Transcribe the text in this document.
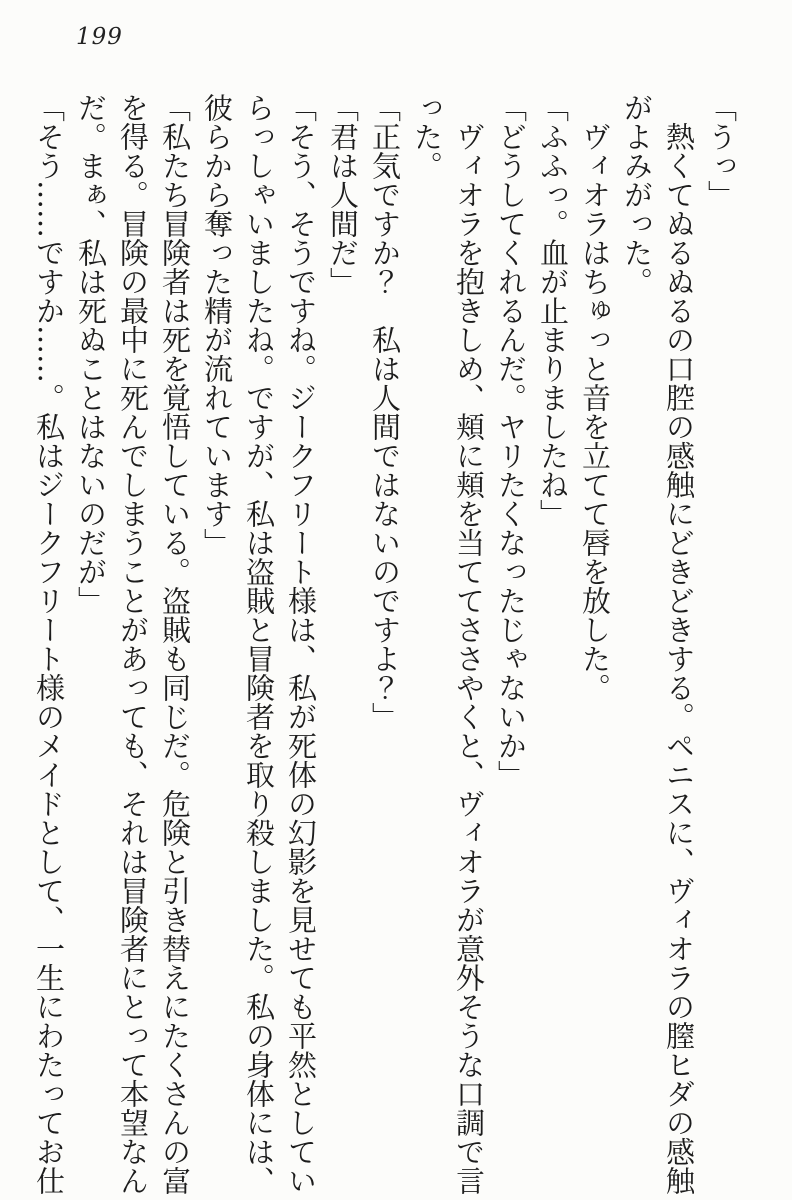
199

「うっ」

　熱くてぬるぬるの口腔の感触にどきどきする。ペニスに、ヴィオラの膣ヒダの感触

がよみがった。

　ヴィオラはちゅっと音を立てて唇を放した。

「ふふっ。血が止まりましたね」

「どうしてくれるんだ。ヤリたくなったじゃないか」

　ヴィオラを抱きしめ、頬に頬を当ててささやくと、ヴィオラが意外そうな口調で言

った。

「正気ですか？　私は人間ではないのですよ？」

「君は人間だ」

「そう、そうですね。ジークフリート様は、私が死体の幻影を見せても平然としてい

らっしゃいましたね。ですが、私は盗賊と冒険者を取り殺しました。私の身体には、

彼らから奪った精が流れています」

「私たち冒険者は死を覚悟している。盗賊も同じだ。危険と引き替えにたくさんの富

を得る。冒険の最中に死んでしまうことがあっても、それは冒険者にとって本望なん

だ。まぁ、私は死ぬことはないのだが」

「そう……ですか……。私はジークフリート様のメイドとして、一生にわたってお仕
